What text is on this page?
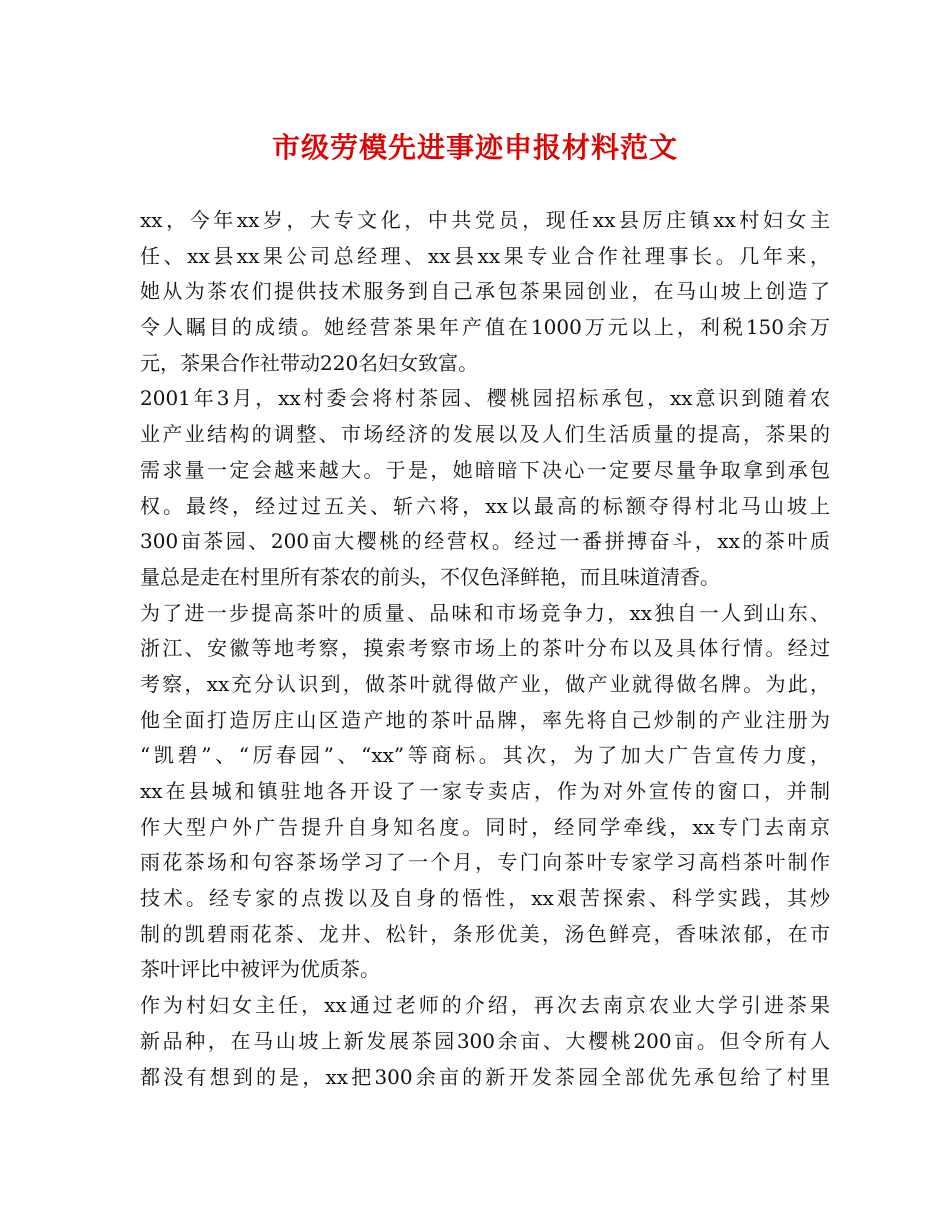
市级劳模先进事迹申报材料范文
xx，今年xx岁，大专文化，中共党员，现任xx县厉庄镇xx村妇女主
任、xx县xx果公司总经理、xx县xx果专业合作社理事长。几年来，
她从为茶农们提供技术服务到自己承包茶果园创业，在马山坡上创造了
令人瞩目的成绩。她经营茶果年产值在1000万元以上，利税150余万
元，茶果合作社带动220名妇女致富。
2001年3月，xx村委会将村茶园、樱桃园招标承包，xx意识到随着农
业产业结构的调整、市场经济的发展以及人们生活质量的提高，茶果的
需求量一定会越来越大。于是，她暗暗下决心一定要尽量争取拿到承包
权。最终，经过过五关、斩六将，xx以最高的标额夺得村北马山坡上
300亩茶园、200亩大樱桃的经营权。经过一番拼搏奋斗，xx的茶叶质
量总是走在村里所有茶农的前头，不仅色泽鲜艳，而且味道清香。
为了进一步提高茶叶的质量、品味和市场竞争力，xx独自一人到山东、
浙江、安徽等地考察，摸索考察市场上的茶叶分布以及具体行情。经过
考察，xx充分认识到，做茶叶就得做产业，做产业就得做名牌。为此，
他全面打造厉庄山区造产地的茶叶品牌，率先将自己炒制的产业注册为
“凯碧”、“厉春园”、“xx”等商标。其次，为了加大广告宣传力度，
xx在县城和镇驻地各开设了一家专卖店，作为对外宣传的窗口，并制
作大型户外广告提升自身知名度。同时，经同学牵线，xx专门去南京
雨花茶场和句容茶场学习了一个月，专门向茶叶专家学习高档茶叶制作
技术。经专家的点拨以及自身的悟性，xx艰苦探索、科学实践，其炒
制的凯碧雨花茶、龙井、松针，条形优美，汤色鲜亮，香味浓郁，在市
茶叶评比中被评为优质茶。
作为村妇女主任，xx通过老师的介绍，再次去南京农业大学引进茶果
新品种，在马山坡上新发展茶园300余亩、大樱桃200亩。但令所有人
都没有想到的是，xx把300余亩的新开发茶园全部优先承包给了村里
